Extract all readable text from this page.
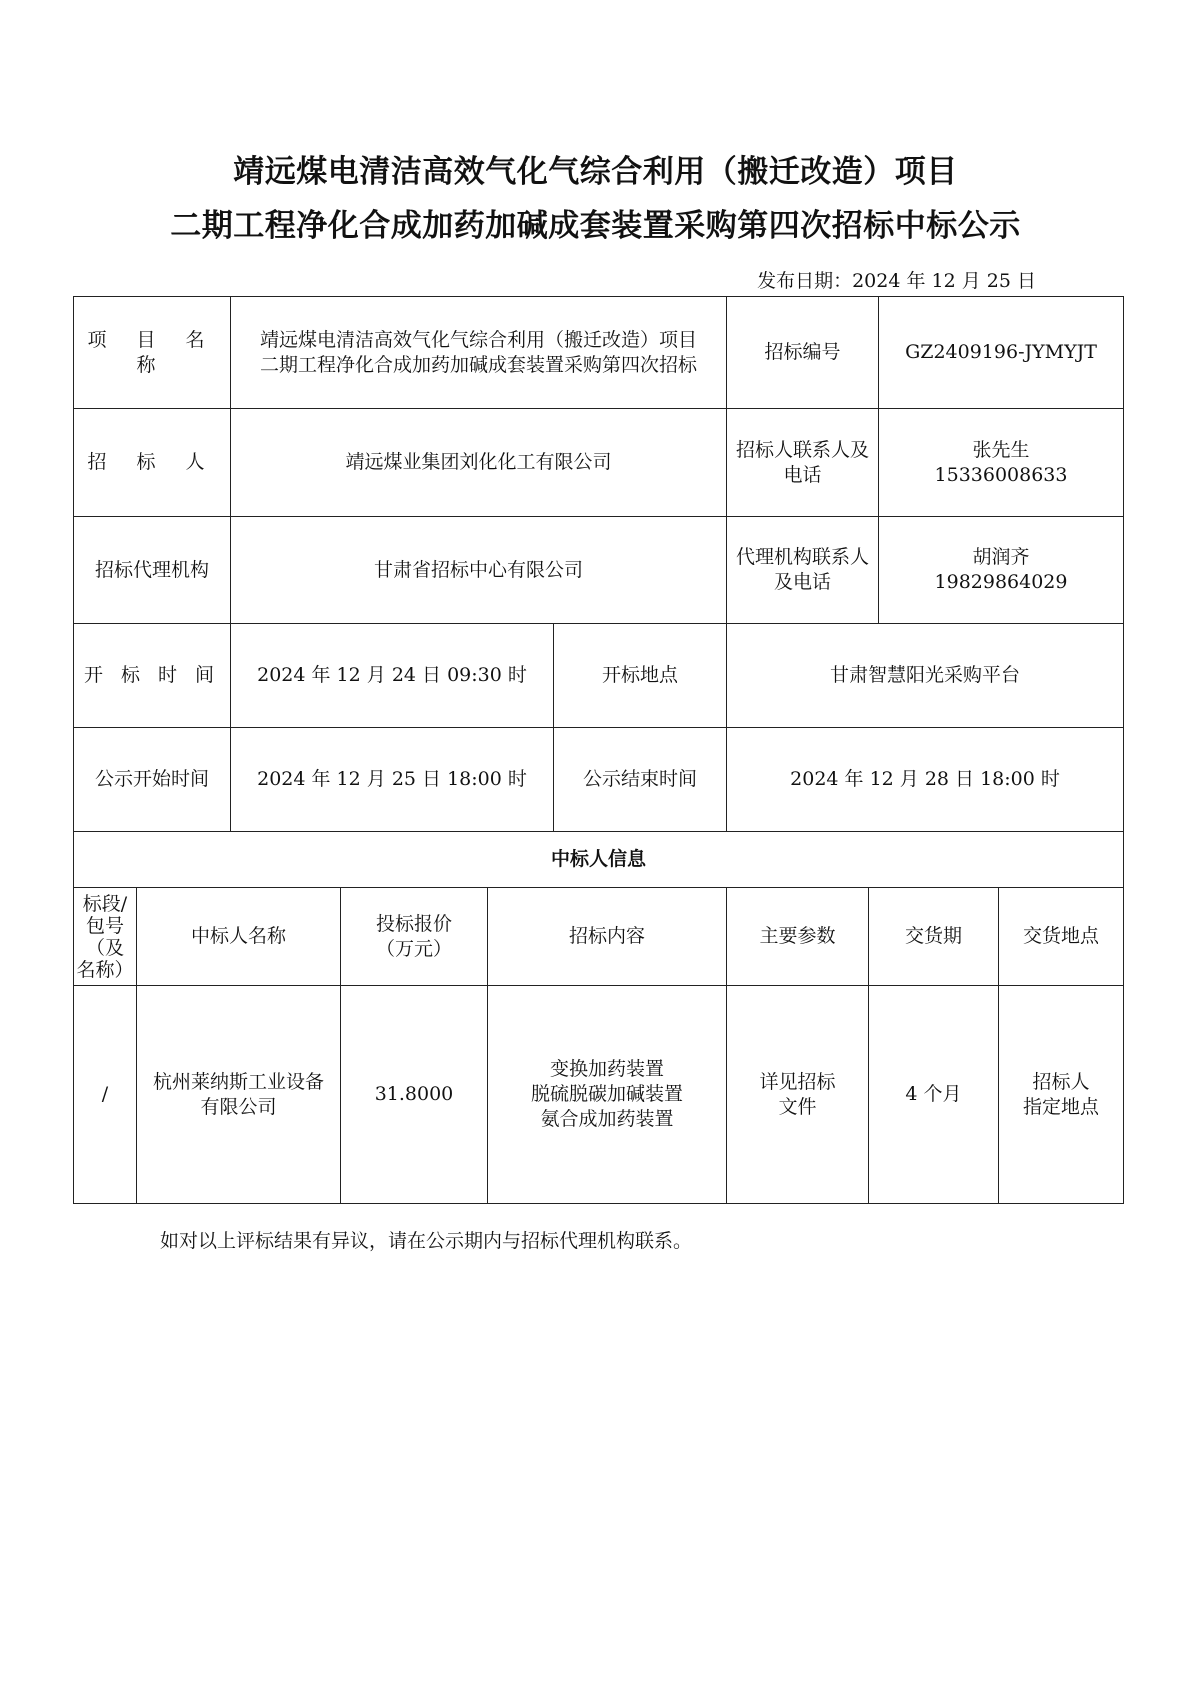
靖远煤电清洁高效气化气综合利用（搬迁改造）项目
二期工程净化合成加药加碱成套装置采购第四次招标中标公示
发布日期：2024 年 12 月 25 日
项 目 名 称	靖远煤电清洁高效气化气综合利用（搬迁改造）项目
二期工程净化合成加药加碱成套装置采购第四次招标		招标编号	GZ2409196-JYMYJT
招 标 人	靖远煤业集团刘化化工有限公司		招标人联系人及
电话	张先生
15336008633

招标代理机构	甘肃省招标中心有限公司		代理机构联系人
及电话	胡润齐
19829864029

开 标 时 间	2024 年 12 月 24 日 09:30 时	开标地点	甘肃智慧阳光采购平台	
公示开始时间	2024 年 12 月 25 日 18:00 时	公示结束时间	2024 年 12 月 28 日 18:00 时	
中标人信息				
标段/
包号
（及
名称）	中标人名称	投标报价
（万元）	招标内容	主要参数	交货期	交货地点
/	杭州莱纳斯工业设备
有限公司	31.8000	变换加药装置
脱硫脱碳加碱装置
氨合成加药装置	详见招标
文件	4 个月	招标人
指定地点
如对以上评标结果有异议，请在公示期内与招标代理机构联系。
